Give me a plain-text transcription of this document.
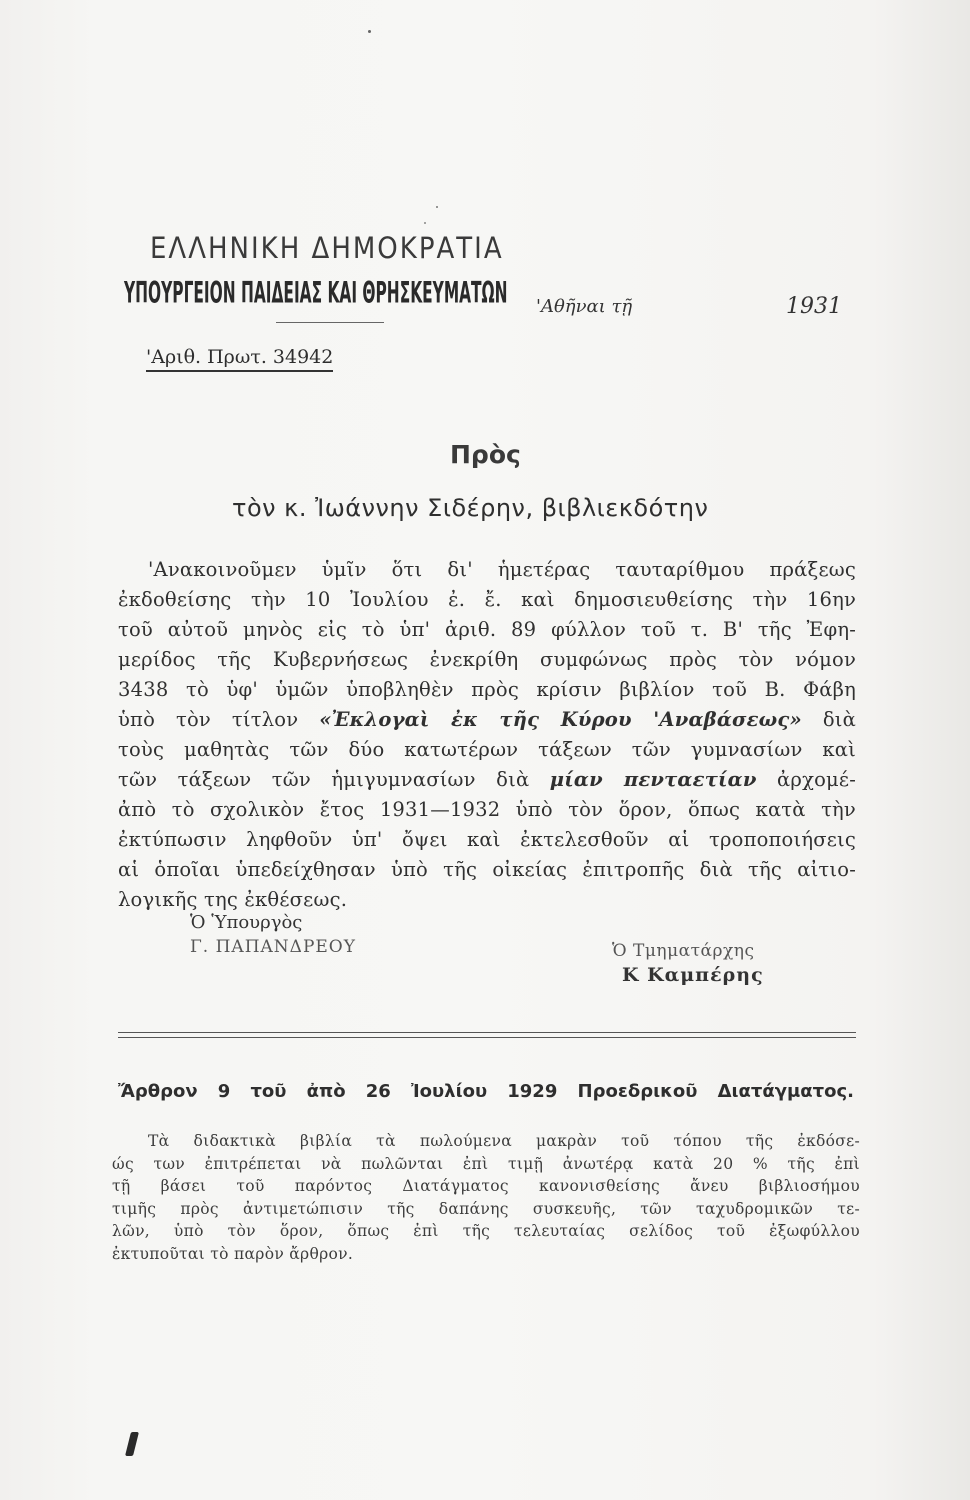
ΕΛΛΗΝΙΚΗ ΔΗΜΟΚΡΑΤΙΑ
ΥΠΟΥΡΓΕΙΟΝ ΠΑΙΔΕΙΑΣ ΚΑΙ ΘΡΗΣΚΕΥΜΑΤΩΝ 'Αθῆναι τῇ	1931
'Αριθ. Πρωτ. 34942
Πρὸς
τὸν κ. Ἰωάννην Σιδέρην, βιβλιεκδότην
'Ανακοινοῦμεν ὑμῖν ὅτι δι' ἡμετέρας ταυταρίθμου πράξεως
ἐκδοθείσης τὴν 10 Ἰουλίου ἐ. ἔ. καὶ δημοσιευθείσης τὴν 16ην
τοῦ αὐτοῦ μηνὸς εἰς τὸ ὑπ' ἀριθ. 89 φύλλον τοῦ τ. Β' τῆς Ἐφη-
μερίδος τῆς Κυβερνήσεως ἐνεκρίθη συμφώνως πρὸς τὸν νόμον
3438 τὸ ὑφ' ὑμῶν ὑποβληθὲν πρὸς κρίσιν βιβλίον τοῦ Β. Φάβη
ὑπὸ τὸν τίτλον «Ἐκλογαὶ ἐκ τῆς Κύρου 'Αναβάσεως» διὰ
τοὺς μαθητὰς τῶν δύο κατωτέρων τάξεων τῶν γυμνασίων καὶ
τῶν τάξεων τῶν ἡμιγυμνασίων διὰ μίαν πενταετίαν ἀρχομέ-
ἀπὸ τὸ σχολικὸν ἔτος 1931—1932 ὑπὸ τὸν ὅρον, ὅπως κατὰ τὴν
ἐκτύπωσιν ληφθοῦν ὑπ' ὄψει καὶ ἐκτελεσθοῦν αἱ τροποποιήσεις
αἱ ὁποῖαι ὑπεδείχθησαν ὑπὸ τῆς οἰκείας ἐπιτροπῆς διὰ τῆς αἰτιο-
λογικῆς της ἐκθέσεως.
Ὁ Ὑπουργὸς
Γ. ΠΑΠΑΝΔΡΕΟΥ	Ὁ Τμηματάρχης
Κ Καμπέρης
Ἄρθρον 9 τοῦ ἀπὸ 26 Ἰουλίου 1929 Προεδρικοῦ Διατάγματος.
Τὰ διδακτικὰ βιβλία τὰ πωλούμενα μακρὰν τοῦ τόπου τῆς ἐκδόσε-
ώς των ἐπιτρέπεται νὰ πωλῶνται ἐπὶ τιμῇ ἀνωτέρᾳ κατὰ 20 % τῆς ἐπὶ
τῇ βάσει τοῦ παρόντος Διατάγματος κανονισθείσης ἄνευ βιβλιοσήμου
τιμῆς πρὸς ἀντιμετώπισιν τῆς δαπάνης συσκευῆς, τῶν ταχυδρομικῶν τε-
λῶν, ὑπὸ τὸν ὅρον, ὅπως ἐπὶ τῆς τελευταίας σελίδος τοῦ ἐξωφύλλου
ἐκτυποῦται τὸ παρὸν ἄρθρον.
